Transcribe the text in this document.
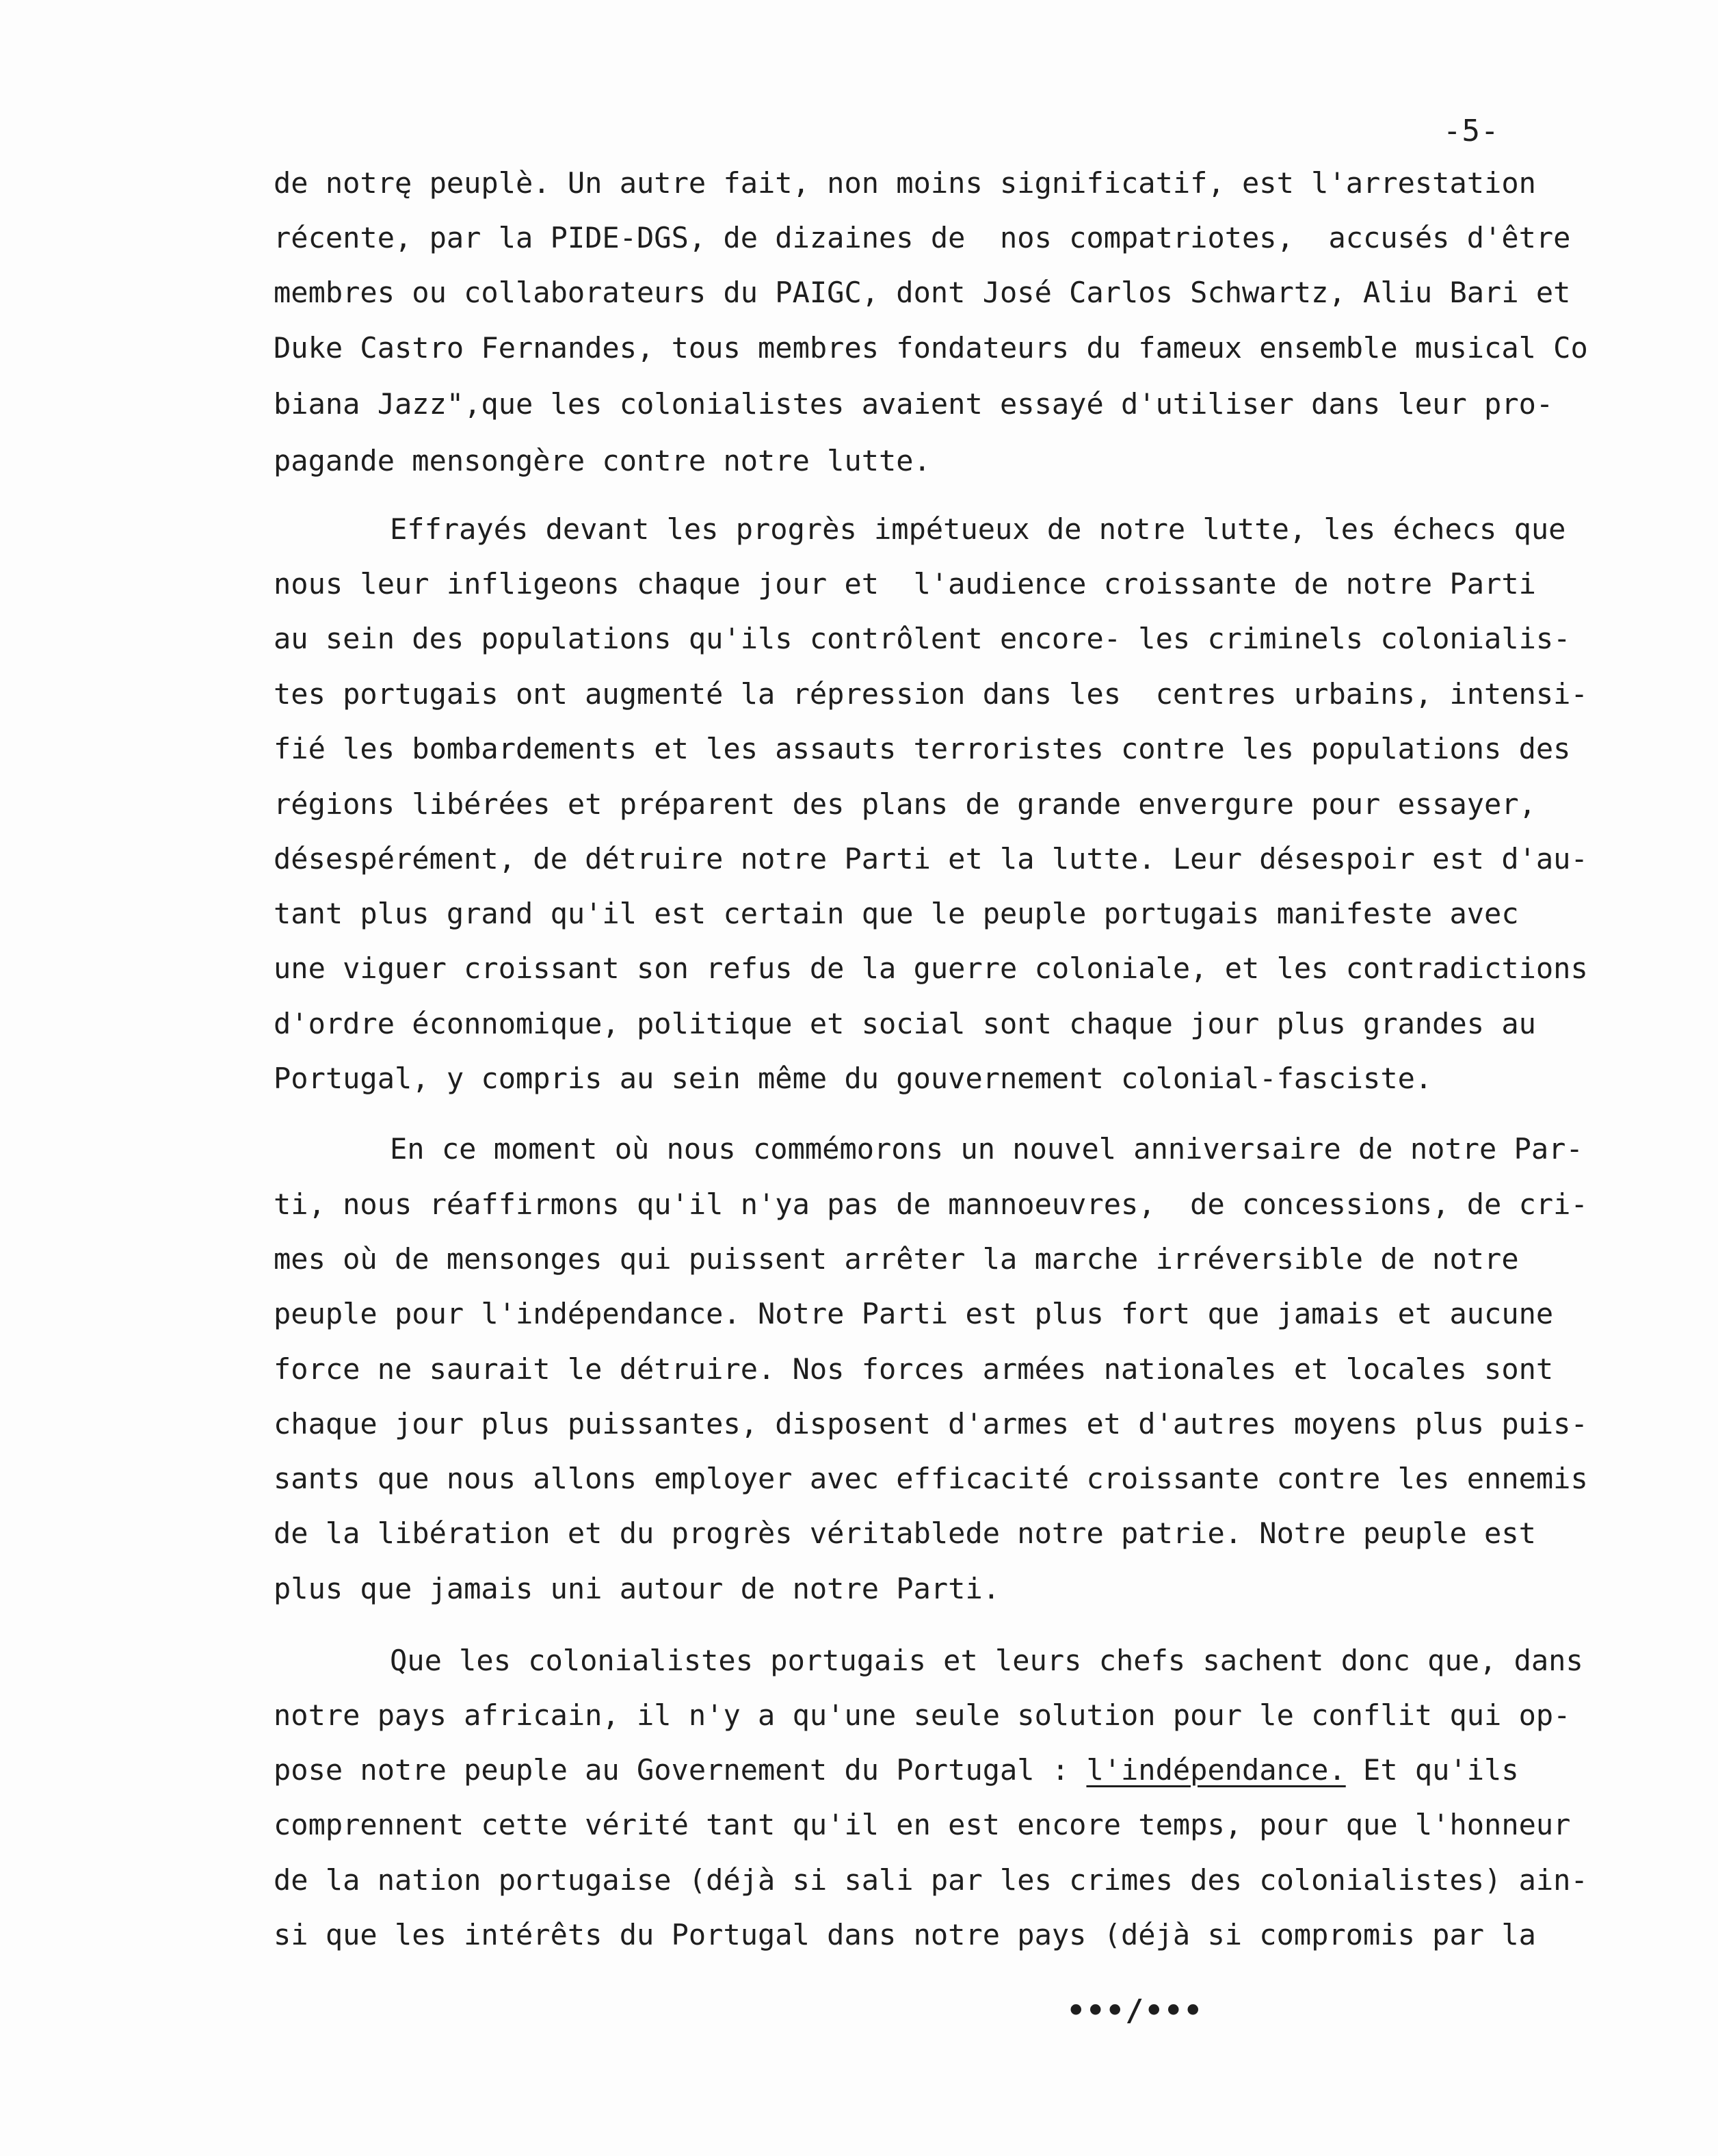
-5-
de notrę peuplè. Un autre fait, non moins significatif, est l'arrestation
récente, par la PIDE-DGS, de dizaines de  nos compatriotes,  accusés d'être
membres ou collaborateurs du PAIGC, dont José Carlos Schwartz, Aliu Bari et
Duke Castro Fernandes, tous membres fondateurs du fameux ensemble musical Co
biana Jazz",que les colonialistes avaient essayé d'utiliser dans leur pro-
pagande mensongère contre notre lutte.
Effrayés devant les progrès impétueux de notre lutte, les échecs que
nous leur infligeons chaque jour et  l'audience croissante de notre Parti
au sein des populations qu'ils contrôlent encore- les criminels colonialis-
tes portugais ont augmenté la répression dans les  centres urbains, intensi-
fié les bombardements et les assauts terroristes contre les populations des
régions libérées et préparent des plans de grande envergure pour essayer,
désespérément, de détruire notre Parti et la lutte. Leur désespoir est d'au-
tant plus grand qu'il est certain que le peuple portugais manifeste avec
une viguer croissant son refus de la guerre coloniale, et les contradictions
d'ordre éconnomique, politique et social sont chaque jour plus grandes au
Portugal, y compris au sein même du gouvernement colonial-fasciste.
En ce moment où nous commémorons un nouvel anniversaire de notre Par-
ti, nous réaffirmons qu'il n'ya pas de mannoeuvres,  de concessions, de cri-
mes où de mensonges qui puissent arrêter la marche irréversible de notre
peuple pour l'indépendance. Notre Parti est plus fort que jamais et aucune
force ne saurait le détruire. Nos forces armées nationales et locales sont
chaque jour plus puissantes, disposent d'armes et d'autres moyens plus puis-
sants que nous allons employer avec efficacité croissante contre les ennemis
de la libération et du progrès véritablede notre patrie. Notre peuple est
plus que jamais uni autour de notre Parti.
Que les colonialistes portugais et leurs chefs sachent donc que, dans
notre pays africain, il n'y a qu'une seule solution pour le conflit qui op-
pose notre peuple au Governement du Portugal : l'indépendance. Et qu'ils
comprennent cette vérité tant qu'il en est encore temps, pour que l'honneur
de la nation portugaise (déjà si sali par les crimes des colonialistes) ain-
si que les intérêts du Portugal dans notre pays (déjà si compromis par la
•••/•••
